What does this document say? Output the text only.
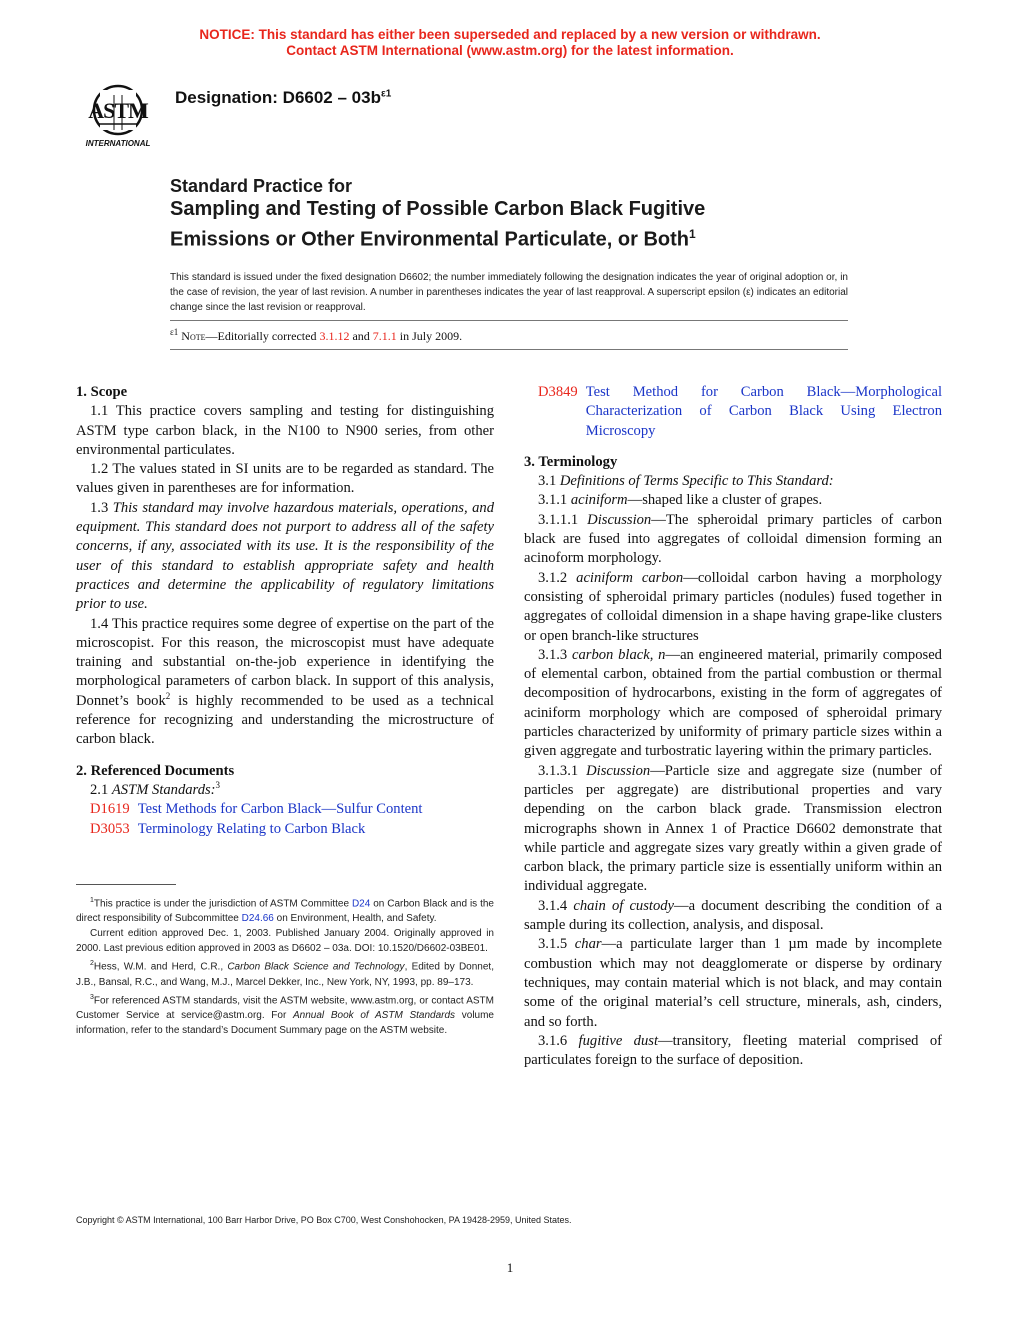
NOTICE: This standard has either been superseded and replaced by a new version or withdrawn.
Contact ASTM International (www.astm.org) for the latest information.
ASTM
INTERNATIONAL
Designation: $D6602 - 03b^{\varepsilon 1}$
Standard Practice for
Sampling and Testing of Possible Carbon Black Fugitive
Emissions or Other Environmental Particulate, or Both$^1$
This standard is issued under the fixed designation D6602; the number immediately following the designation indicates the year of original adoption or, in the case of revision, the year of last revision. A number in parentheses indicates the year of last reapproval. A superscript epsilon (ε) indicates an editorial change since the last revision or reapproval.
$^{\varepsilon 1}$ Note—Editorially corrected 3.1.12 and 7.1.1 in July 2009.

1. Scope

1.1 This practice covers sampling and testing for distinguishing ASTM type carbon black, in the N100 to N900 series, from other environmental particulates.

1.2 The values stated in SI units are to be regarded as standard. The values given in parentheses are for information.

1.3 This standard may involve hazardous materials, operations, and equipment. This standard does not purport to address all of the safety concerns, if any, associated with its use. It is the responsibility of the user of this standard to establish appropriate safety and health practices and determine the applicability of regulatory limitations prior to use.

1.4 This practice requires some degree of expertise on the part of the microscopist. For this reason, the microscopist must have adequate training and substantial on-the-job experience in identifying the morphological parameters of carbon black. In support of this analysis, Donnet’s book$^2$ is highly recommended to be used as a technical reference for recognizing and understanding the microstructure of carbon black.

2. Referenced Documents

2.1 ASTM Standards:$^3$

D1619 Test Methods for Carbon Black—Sulfur Content
D3053 Terminology Relating to Carbon Black

$^1$This practice is under the jurisdiction of ASTM Committee D24 on Carbon Black and is the direct responsibility of Subcommittee D24.66 on Environment, Health, and Safety.

Current edition approved Dec. 1, 2003. Published January 2004. Originally approved in 2000. Last previous edition approved in 2003 as D6602 – 03a. DOI: 10.1520/D6602-03BE01.

$^2$Hess, W.M. and Herd, C.R., Carbon Black Science and Technology, Edited by Donnet, J.B., Bansal, R.C., and Wang, M.J., Marcel Dekker, Inc., New York, NY, 1993, pp. 89–173.

$^3$For referenced ASTM standards, visit the ASTM website, www.astm.org, or contact ASTM Customer Service at service@astm.org. For Annual Book of ASTM Standards volume information, refer to the standard’s Document Summary page on the ASTM website.

D3849 Test Method for Carbon Black—Morphological Characterization of Carbon Black Using Electron Microscopy

3. Terminology

3.1 Definitions of Terms Specific to This Standard:

3.1.1 aciniform—shaped like a cluster of grapes.

3.1.1.1 Discussion—The spheroidal primary particles of carbon black are fused into aggregates of colloidal dimension forming an acinoform morphology.

3.1.2 aciniform carbon—colloidal carbon having a morphology consisting of spheroidal primary particles (nodules) fused together in aggregates of colloidal dimension in a shape having grape-like clusters or open branch-like structures

3.1.3 carbon black, n—an engineered material, primarily composed of elemental carbon, obtained from the partial combustion or thermal decomposition of hydrocarbons, existing in the form of aggregates of aciniform morphology which are composed of spheroidal primary particles characterized by uniformity of primary particle sizes within a given aggregate and turbostratic layering within the primary particles.

3.1.3.1 Discussion—Particle size and aggregate size (number of particles per aggregate) are distributional properties and vary depending on the carbon black grade. Transmission electron micrographs shown in Annex 1 of Practice D6602 demonstrate that while particle and aggregate sizes vary greatly within a given grade of carbon black, the primary particle size is essentially uniform within an individual aggregate.

3.1.4 chain of custody—a document describing the condition of a sample during its collection, analysis, and disposal.

3.1.5 char—a particulate larger than 1 µm made by incomplete combustion which may not deagglomerate or disperse by ordinary techniques, may contain material which is not black, and may contain some of the original material’s cell structure, minerals, ash, cinders, and so forth.

3.1.6 fugitive dust—transitory, fleeting material comprised of particulates foreign to the surface of deposition.

Copyright © ASTM International, 100 Barr Harbor Drive, PO Box C700, West Conshohocken, PA 19428-2959, United States.
1
